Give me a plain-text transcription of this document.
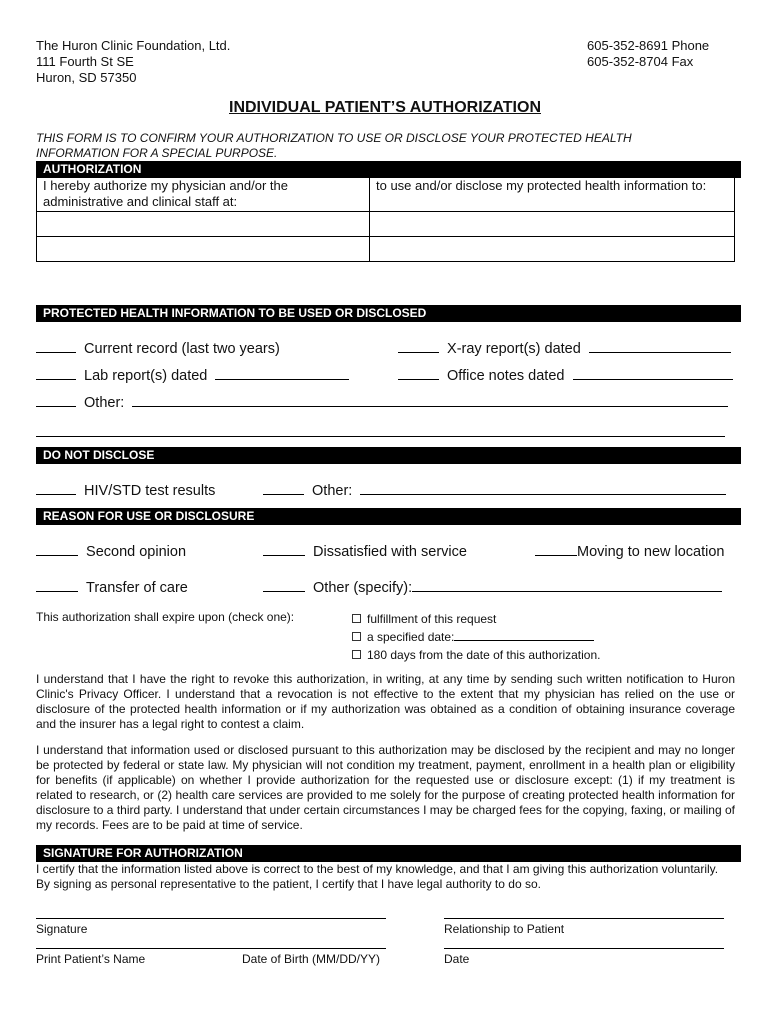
The Huron Clinic Foundation, Ltd.
111 Fourth St SE
Huron, SD 57350
605-352-8691 Phone
605-352-8704 Fax
INDIVIDUAL PATIENT’S AUTHORIZATION
THIS FORM IS TO CONFIRM YOUR AUTHORIZATION TO USE OR DISCLOSE YOUR PROTECTED HEALTH INFORMATION FOR A SPECIAL PURPOSE.
AUTHORIZATION
I hereby authorize my physician and/or the administrative and clinical staff at:	to use and/or disclose my protected health information to:

PROTECTED HEALTH INFORMATION TO BE USED OR DISCLOSED
Current record (last two years)	X-ray report(s) dated
Lab report(s) dated	Office notes dated
Other:
DO NOT DISCLOSE
HIV/STD test results	Other:
REASON FOR USE OR DISCLOSURE
Second opinion	Dissatisfied with service	Moving to new location
Transfer of care	Other (specify):
This authorization shall expire upon (check one):	fulfillment of this request
a specified date:
180 days from the date of this authorization.
I understand that I have the right to revoke this authorization, in writing, at any time by sending such written notification to Huron Clinic's Privacy Officer. I understand that a revocation is not effective to the extent that my physician has relied on the use or disclosure of the protected health information or if my authorization was obtained as a condition of obtaining insurance coverage and the insurer has a legal right to contest a claim.
I understand that information used or disclosed pursuant to this authorization may be disclosed by the recipient and may no longer be protected by federal or state law. My physician will not condition my treatment, payment, enrollment in a health plan or eligibility for benefits (if applicable) on whether I provide authorization for the requested use or disclosure except: (1) if my treatment is related to research, or (2) health care services are provided to me solely for the purpose of creating protected health information for disclosure to a third party. I understand that under certain circumstances I may be charged fees for the copying, faxing, or mailing of my records. Fees are to be paid at time of service.
SIGNATURE FOR AUTHORIZATION
I certify that the information listed above is correct to the best of my knowledge, and that I am giving this authorization voluntarily.
By signing as personal representative to the patient, I certify that I have legal authority to do so.
Signature	Relationship to Patient
Print Patient’s Name	Date of Birth (MM/DD/YY)	Date
